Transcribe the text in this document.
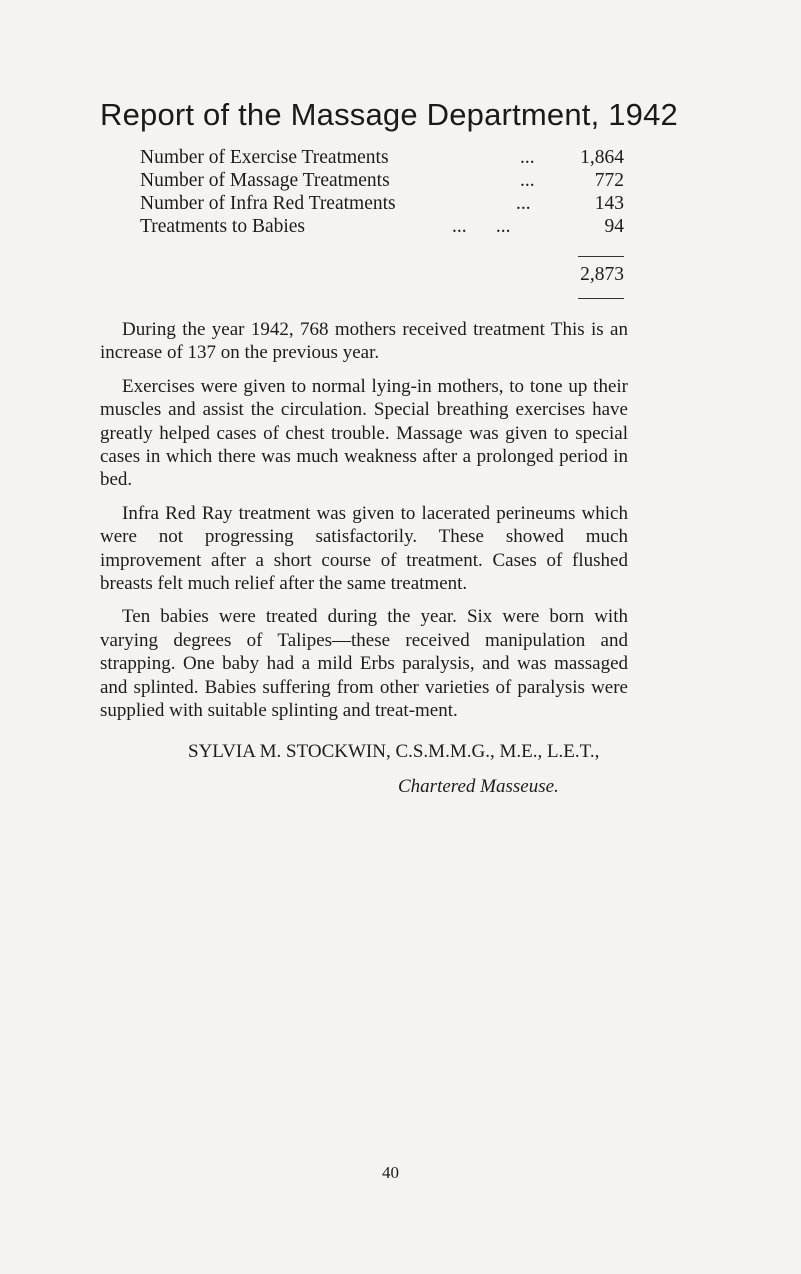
Report of the Massage Department, 1942
Number of Exercise Treatments	... 1,864
Number of Massage Treatments	...	772
Number of Infra Red Treatments	...	143
Treatments to Babies	...      ...	94
2,873

During the year 1942, 768 mothers received treatment This is an increase of 137 on the previous year.

Exercises were given to normal lying-in mothers, to tone up their muscles and assist the circulation. Special breathing exercises have greatly helped cases of chest trouble. Massage was given to special cases in which there was much weakness after a prolonged period in bed.

Infra Red Ray treatment was given to lacerated perineums which were not progressing satisfactorily. These showed much improvement after a short course of treatment. Cases of flushed breasts felt much relief after the same treatment.

Ten babies were treated during the year. Six were born with varying degrees of Talipes—these received manipulation and strapping. One baby had a mild Erbs paralysis, and was massaged and splinted. Babies suffering from other varieties of paralysis were supplied with suitable splinting and treat-ment.

SYLVIA M. STOCKWIN, C.S.M.M.G., M.E., L.E.T.,
Chartered Masseuse.
40
